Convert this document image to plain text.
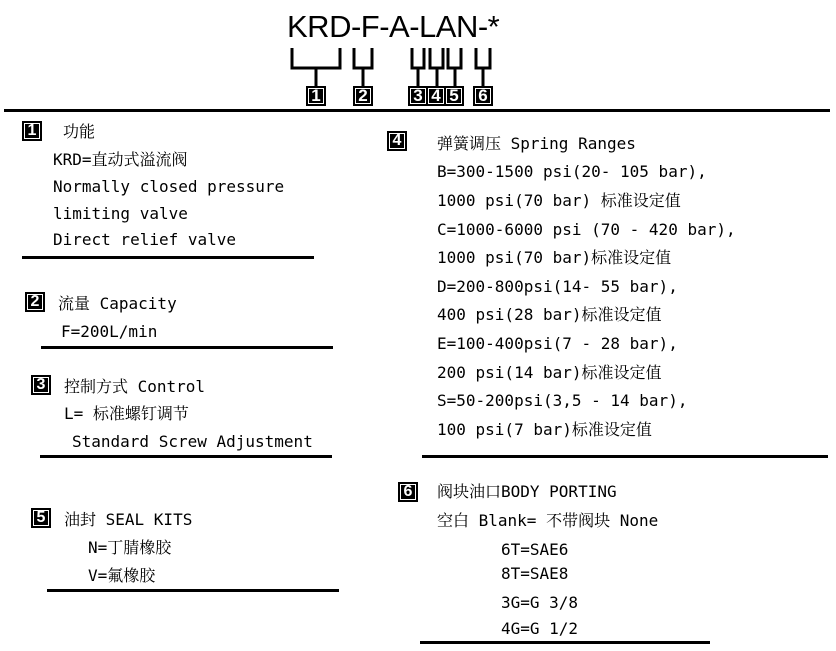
KRD-F-A-LAN-*
1	2	3 4 5	6
1	功能
KRD=直动式溢流阀
Normally closed pressure
limiting valve
Direct relief valve
2	流量 Capacity
F=200L/min
3	控制方式 Control
L= 标准螺钉调节
Standard Screw Adjustment
5	油封 SEAL KITS
N=丁腈橡胶
V=氟橡胶
4	弹簧调压 Spring Ranges
B=300-1500 psi(20- 105 bar),
1000 psi(70 bar) 标准设定值
C=1000-6000 psi (70 - 420 bar),
1000 psi(70 bar)标准设定值
D=200-800psi(14- 55 bar),
400 psi(28 bar)标准设定值
E=100-400psi(7 - 28 bar),
200 psi(14 bar)标准设定值
S=50-200psi(3,5 - 14 bar),
100 psi(7 bar)标准设定值
6	阀块油口BODY PORTING
空白 Blank= 不带阀块 None
6T=SAE6
8T=SAE8
3G=G 3/8
4G=G 1/2
